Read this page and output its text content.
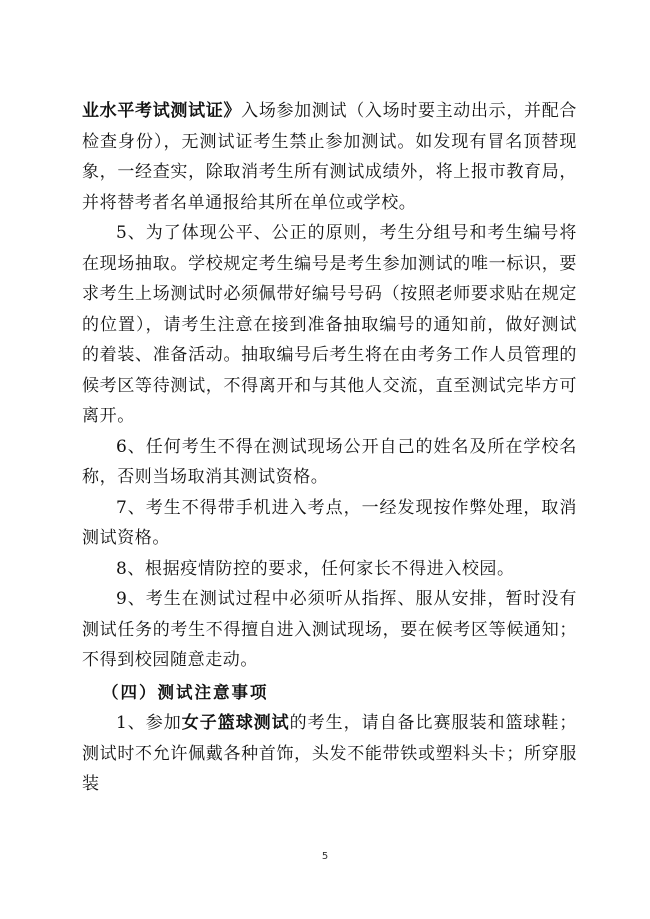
业水平考试测试证》入场参加测试（入场时要主动出示，并配合检查身份），无测试证考生禁止参加测试。如发现有冒名顶替现象，一经查实，除取消考生所有测试成绩外，将上报市教育局，并将替考者名单通报给其所在单位或学校。

5、为了体现公平、公正的原则，考生分组号和考生编号将在现场抽取。学校规定考生编号是考生参加测试的唯一标识，要求考生上场测试时必须佩带好编号号码（按照老师要求贴在规定的位置），请考生注意在接到准备抽取编号的通知前，做好测试的着装、准备活动。抽取编号后考生将在由考务工作人员管理的候考区等待测试，不得离开和与其他人交流，直至测试完毕方可离开。

6、任何考生不得在测试现场公开自己的姓名及所在学校名称，否则当场取消其测试资格。

7、考生不得带手机进入考点，一经发现按作弊处理，取消测试资格。

8、根据疫情防控的要求，任何家长不得进入校园。

9、考生在测试过程中必须听从指挥、服从安排，暂时没有测试任务的考生不得擅自进入测试现场，要在候考区等候通知；不得到校园随意走动。

（四）测试注意事项

1、参加女子篮球测试的考生，请自备比赛服装和篮球鞋；测试时不允许佩戴各种首饰，头发不能带铁或塑料头卡；所穿服装

5
